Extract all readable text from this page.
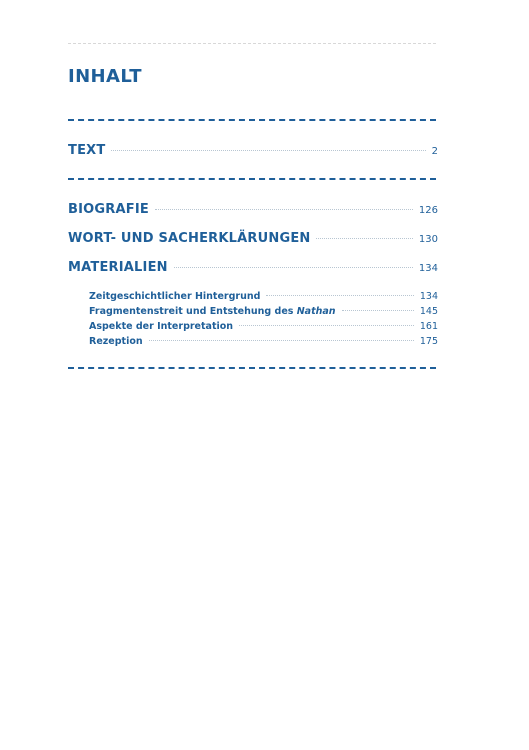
INHALT
TEXT	2
BIOGRAFIE	126
WORT- UND SACHERKLÄRUNGEN	130
MATERIALIEN	134
Zeitgeschichtlicher Hintergrund	134
Fragmentenstreit und Entstehung des Nathan	145
Aspekte der Interpretation	161
Rezeption	175
